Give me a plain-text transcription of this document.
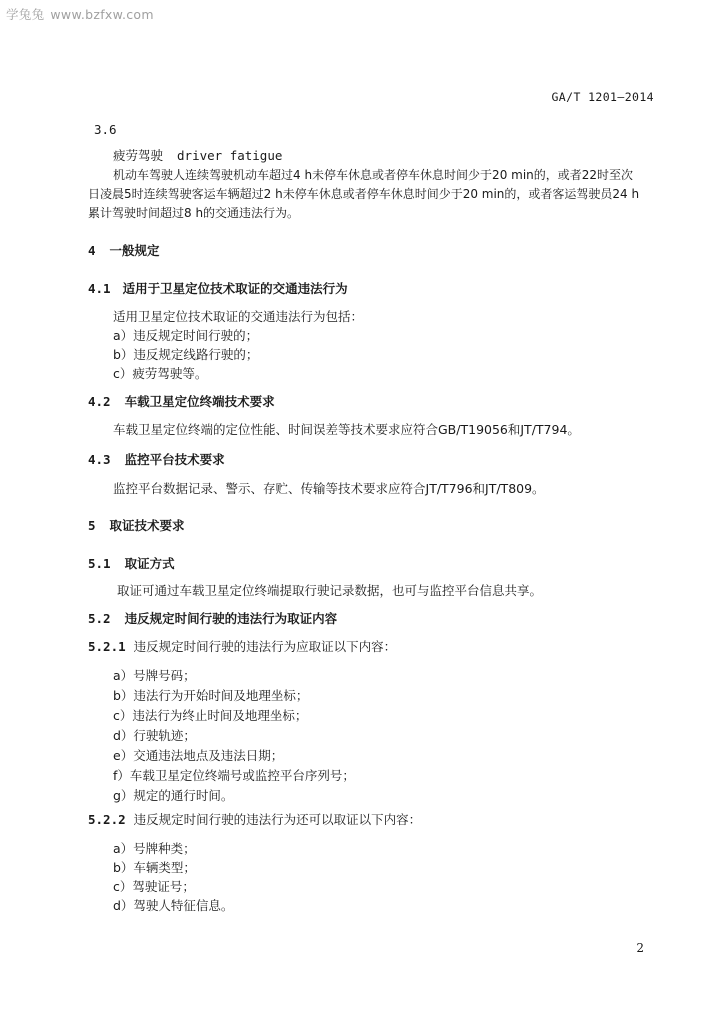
学兔兔 www.bzfxw.com
GA/T 1201—2014
3.6
疲劳驾驶 driver fatigue
机动车驾驶人连续驾驶机动车超过4 h未停车休息或者停车休息时间少于20 min的，或者22时至次
日凌晨5时连续驾驶客运车辆超过2 h未停车休息或者停车休息时间少于20 min的，或者客运驾驶员24 h
累计驾驶时间超过8 h的交通违法行为。
4 一般规定
4.1 适用于卫星定位技术取证的交通违法行为
适用卫星定位技术取证的交通违法行为包括：
a）违反规定时间行驶的；
b）违反规定线路行驶的；
c）疲劳驾驶等。
4.2 车载卫星定位终端技术要求
车载卫星定位终端的定位性能、时间误差等技术要求应符合GB/T19056和JT/T794。
4.3 监控平台技术要求
监控平台数据记录、警示、存贮、传输等技术要求应符合JT/T796和JT/T809。
5 取证技术要求
5.1 取证方式
取证可通过车载卫星定位终端提取行驶记录数据，也可与监控平台信息共享。
5.2 违反规定时间行驶的违法行为取证内容
5.2.1 违反规定时间行驶的违法行为应取证以下内容：
a）号牌号码；
b）违法行为开始时间及地理坐标；
c）违法行为终止时间及地理坐标；
d）行驶轨迹；
e）交通违法地点及违法日期；
f）车载卫星定位终端号或监控平台序列号；
g）规定的通行时间。
5.2.2 违反规定时间行驶的违法行为还可以取证以下内容：
a）号牌种类；
b）车辆类型；
c）驾驶证号；
d）驾驶人特征信息。
2
